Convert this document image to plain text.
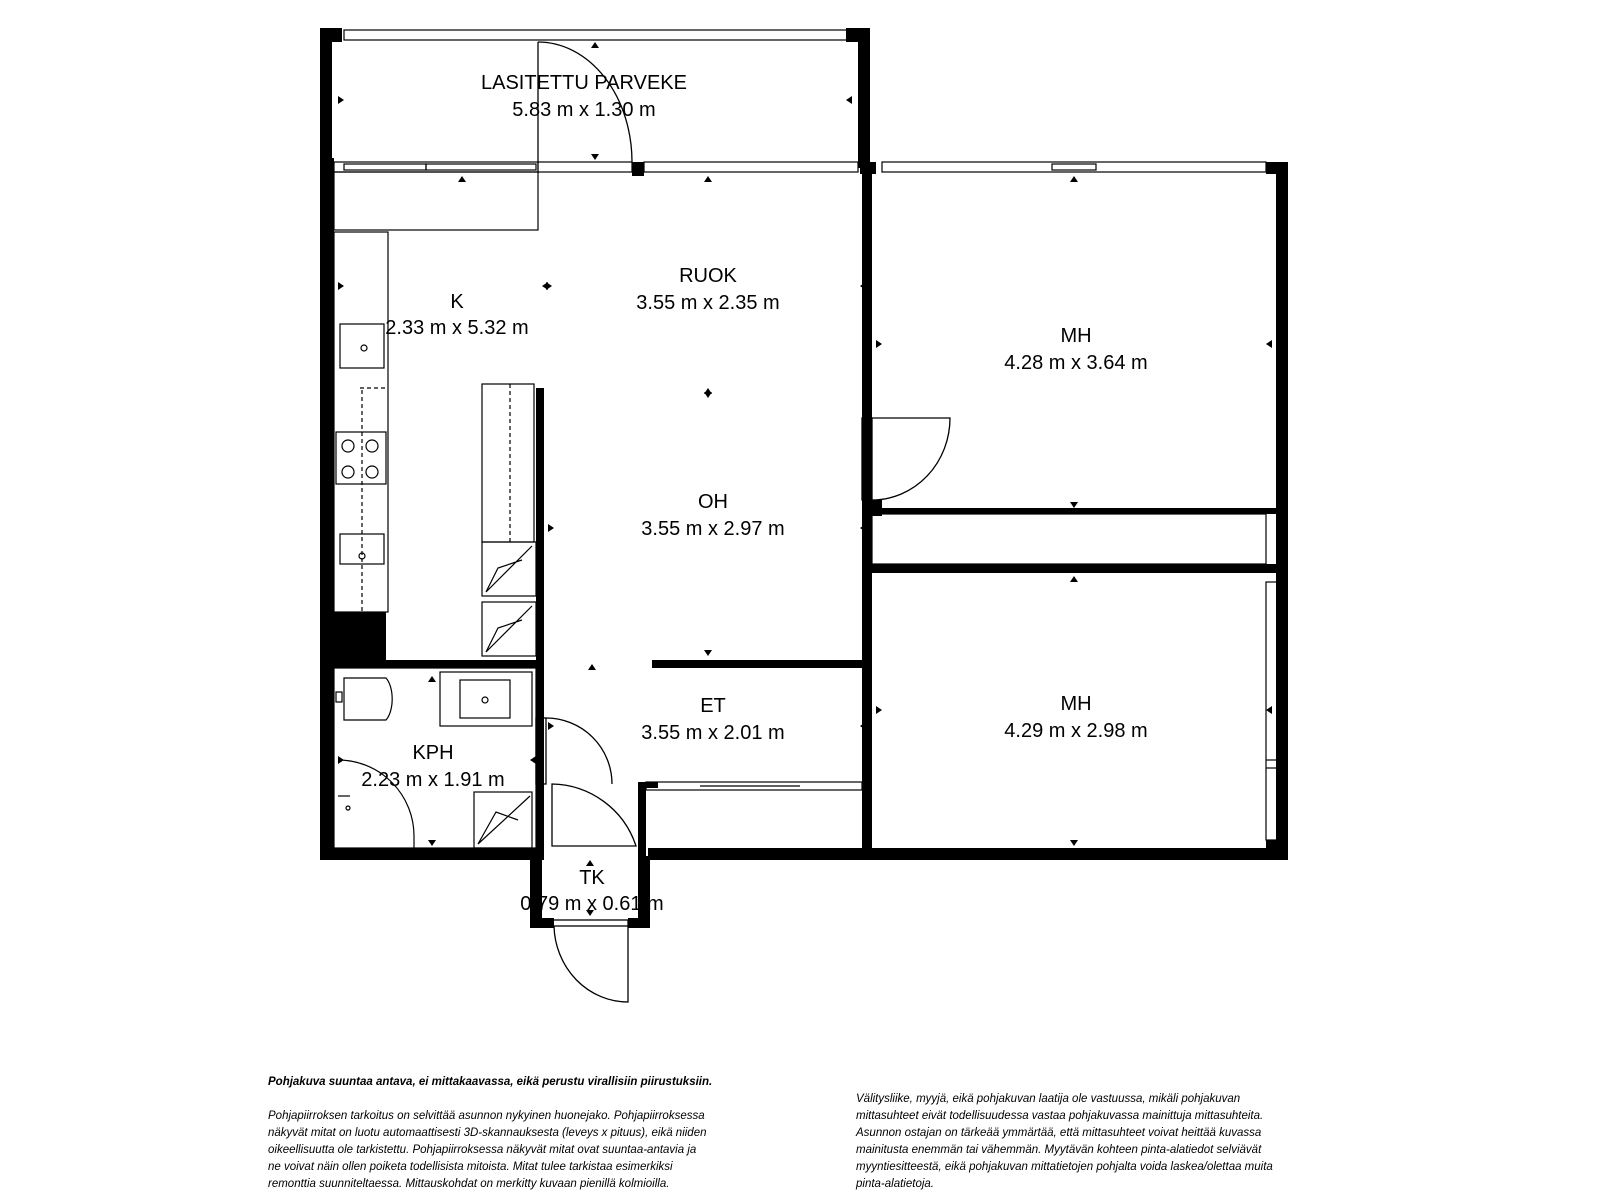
LASITETTU PARVEKE
5.83 m x 1.30 m
RUOK
3.55 m x 2.35 m
K
2.33 m x 5.32 m	MH
4.28 m x 3.64 m
OH
3.55 m x 2.97 m
ET
3.55 m x 2.01 m
MH
4.29 m x 2.98 m
KPH
2.23 m x 1.91 m
TK
0.79 m x 0.61 m

Pohjakuva suuntaa antava, ei mittakaavassa, eikä perustu virallisiin piirustuksiin.

Pohjapiirroksen tarkoitus on selvittää asunnon nykyinen huonejako. Pohjapiirroksessa

näkyvät mitat on luotu automaattisesti 3D-skannauksesta (leveys x pituus), eikä niiden

oikeellisuutta ole tarkistettu. Pohjapiirroksessa näkyvät mitat ovat suuntaa-antavia ja

ne voivat näin ollen poiketa todellisista mitoista. Mitat tulee tarkistaa esimerkiksi

remonttia suunniteltaessa. Mittauskohdat on merkitty kuvaan pienillä kolmioilla.

Välitysliike, myyjä, eikä pohjakuvan laatija ole vastuussa, mikäli pohjakuvan

mittasuhteet eivät todellisuudessa vastaa pohjakuvassa mainittuja mittasuhteita.

Asunnon ostajan on tärkeää ymmärtää, että mittasuhteet voivat heittää kuvassa

mainitusta enemmän tai vähemmän. Myytävän kohteen pinta-alatiedot selviävät

myyntiesitteestä, eikä pohjakuvan mittatietojen pohjalta voida laskea/olettaa muita

pinta-alatietoja.
